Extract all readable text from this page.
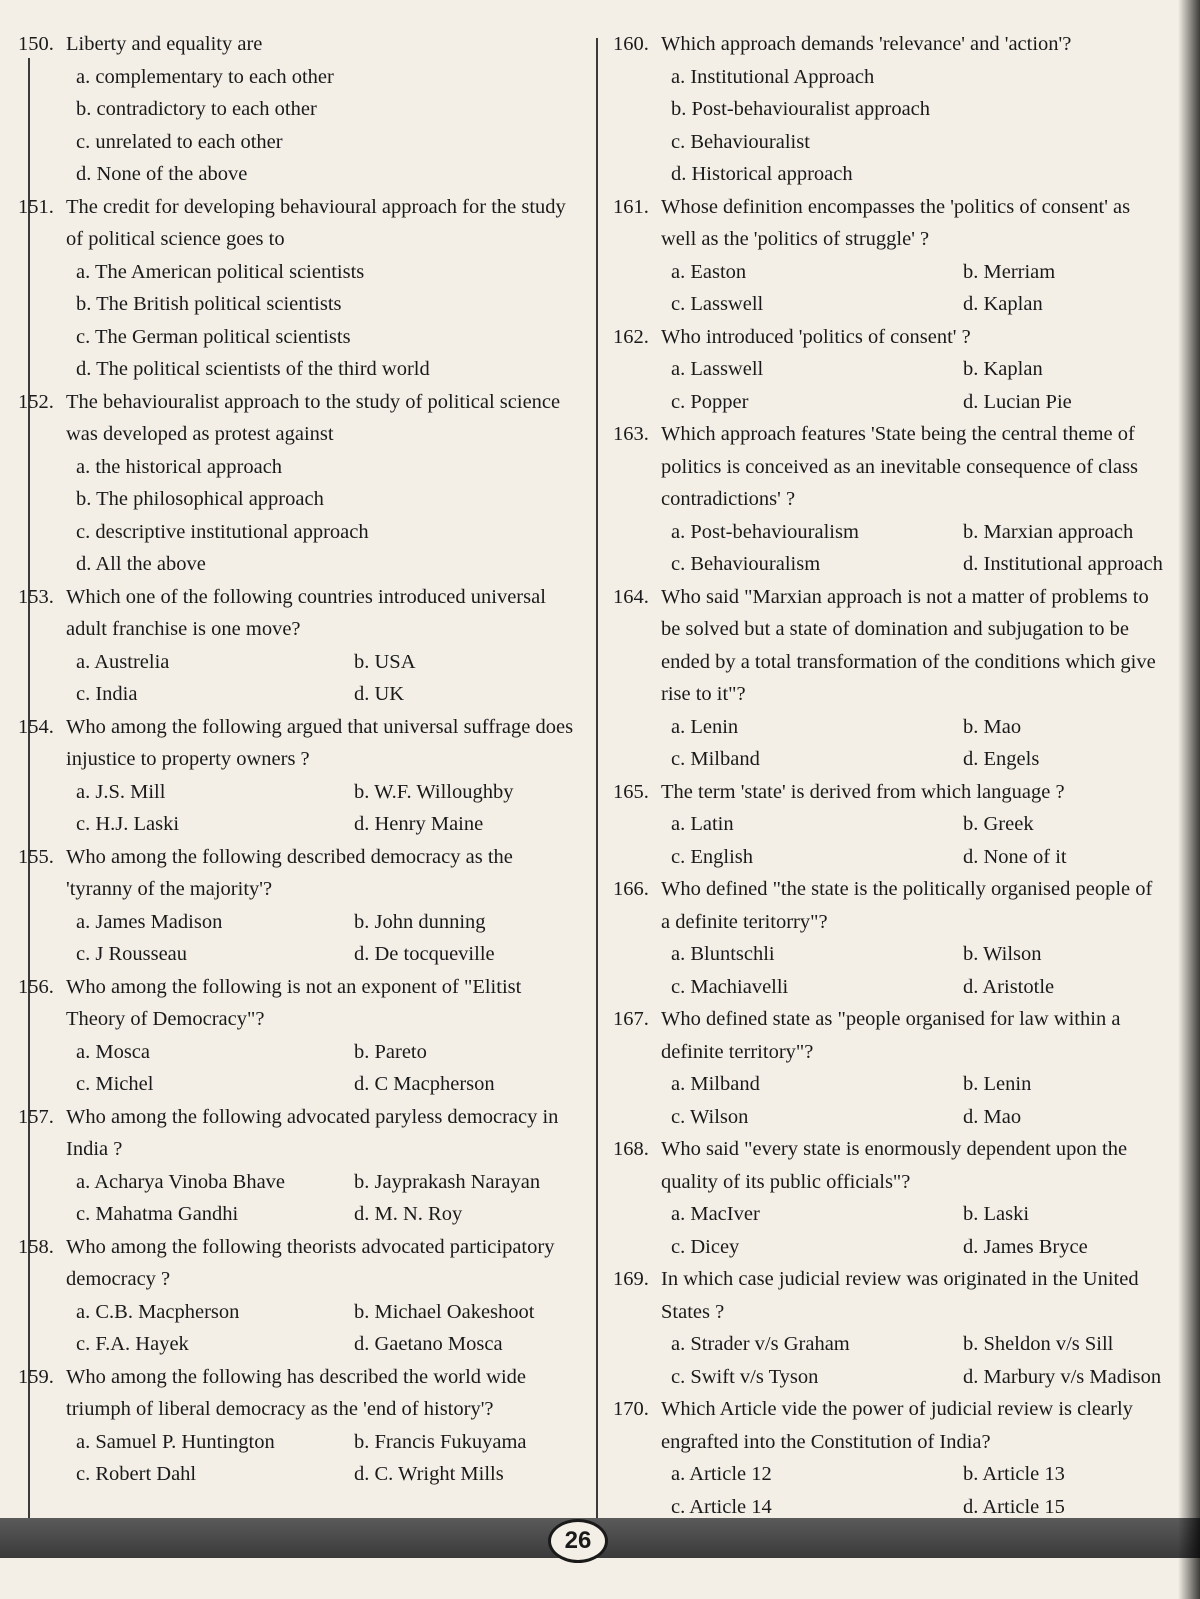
150. Liberty and equality are
a. complementary to each other
b. contradictory to each other
c. unrelated to each other
d. None of the above
151. The credit for developing behavioural approach for the study of political science goes to
a. The American political scientists
b. The British political scientists
c. The German political scientists
d. The political scientists of the third world
152. The behaviouralist approach to the study of political science was developed as protest against
a. the historical approach
b. The philosophical approach
c. descriptive institutional approach
d. All the above
153. Which one of the following countries introduced universal adult franchise is one move?
a. Austrelia	b. USA
c. India	d. UK
154. Who among the following argued that universal suffrage does injustice to property owners ?
a. J.S. Mill	b. W.F. Willoughby
c. H.J. Laski	d. Henry Maine
155. Who among the following described democracy as the 'tyranny of the majority'?
a. James Madison	b. John dunning
c. J Rousseau	d. De tocqueville
156. Who among the following is not an exponent of "Elitist Theory of Democracy"?
a. Mosca	b. Pareto
c. Michel	d. C Macpherson
157. Who among the following advocated paryless democracy in India ?
a. Acharya Vinoba Bhave	b. Jayprakash Narayan
c. Mahatma Gandhi	d. M. N. Roy
158. Who among the following theorists advocated participatory democracy ?
a. C.B. Macpherson	b. Michael Oakeshoot
c. F.A. Hayek	d. Gaetano Mosca
159. Who among the following has described the world wide triumph of liberal democracy as the 'end of history'?
a. Samuel P. Huntington	b. Francis Fukuyama
c. Robert Dahl	d. C. Wright Mills
160. Which approach demands 'relevance' and 'action'?
a. Institutional Approach
b. Post-behaviouralist approach
c. Behaviouralist
d. Historical approach
161. Whose definition encompasses the 'politics of consent' as well as the 'politics of struggle' ?
a. Easton	b. Merriam
c. Lasswell	d. Kaplan
162. Who introduced 'politics of consent' ?
a. Lasswell	b. Kaplan
c. Popper	d. Lucian Pie
163. Which approach features 'State being the central theme of politics is conceived as an inevitable consequence of class contradictions' ?
a. Post-behaviouralism	b. Marxian approach
c. Behaviouralism	d. Institutional approach
164. Who said "Marxian approach is not a matter of problems to be solved but a state of domination and subjugation to be ended by a total transformation of the conditions which give rise to it"?
a. Lenin	b. Mao
c. Milband	d. Engels
165. The term 'state' is derived from which language ?
a. Latin	b. Greek
c. English	d. None of it
166. Who defined "the state is the politically organised people of a definite teritorry"?
a. Bluntschli	b. Wilson
c. Machiavelli	d. Aristotle
167. Who defined state as "people organised for law within a definite territory"?
a. Milband	b. Lenin
c. Wilson	d. Mao
168. Who said "every state is enormously dependent upon the quality of its public officials"?
a. MacIver	b. Laski
c. Dicey	d. James Bryce
169. In which case judicial review was originated in the United States ?
a. Strader v/s Graham	b. Sheldon v/s Sill
c. Swift v/s Tyson	d. Marbury v/s Madison
170. Which Article vide the power of judicial review is clearly engrafted into the Constitution of India?
a. Article 12	b. Article 13
c. Article 14	d. Article 15
26
